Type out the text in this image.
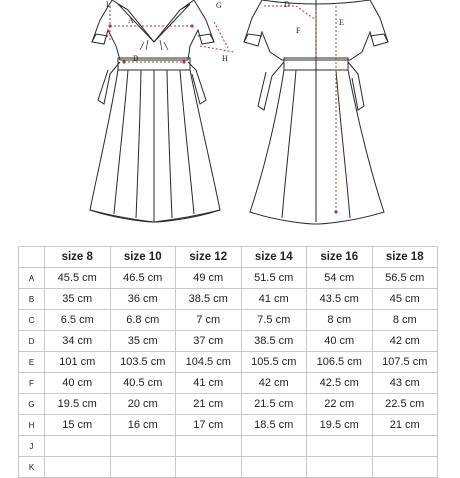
L
A
B
G
H
D
E
F
	size 8	size 10	size 12	size 14	size 16	size 18
A	45.5 cm	46.5 cm	49 cm	51.5 cm	54 cm	56.5 cm
B	35 cm	36 cm	38.5 cm	41 cm	43.5 cm	45 cm
C	6.5 cm	6.8 cm	7 cm	7.5 cm	8 cm	8 cm
D	34 cm	35 cm	37 cm	38.5 cm	40 cm	42 cm
E	101 cm	103.5 cm	104.5 cm	105.5 cm	106.5 cm	107.5 cm
F	40 cm	40.5 cm	41 cm	42 cm	42.5 cm	43 cm
G	19.5 cm	20 cm	21 cm	21.5 cm	22 cm	22.5 cm
H	15 cm	16 cm	17 cm	18.5 cm	19.5 cm	21 cm
J						
K						
